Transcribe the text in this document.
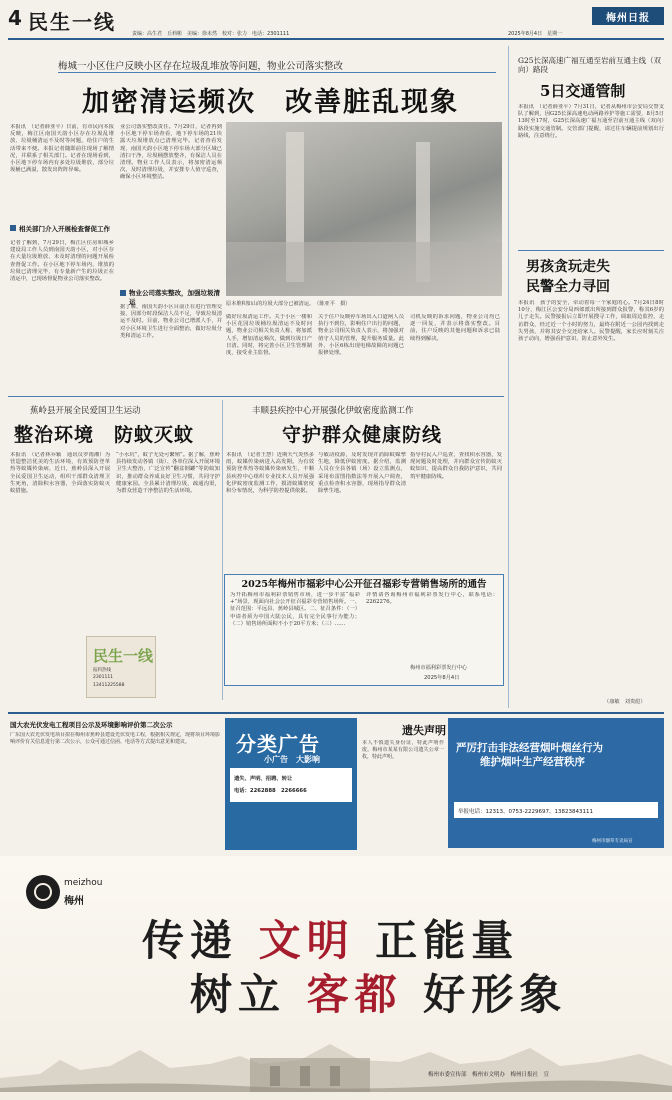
4 民生一线	责编：高生君　丘莉彬　美编：徐未然　校对：张力　电话：2301111	2025年8月4日　星期一
梅州日报
梅城一小区住户反映小区存在垃圾乱堆放等问题，物业公司落实整改
加密清运频次　改善脏乱现象
本报讯　（记者薛亚平）日前，有市民向本报反映，梅江区南国天韵小区存在垃圾乱堆放、垃圾桶清运不及时等问题，给住户的生活带来不便。本报记者随即前往现场了解情况，并联系了相关部门。记者在现场看到，小区地下停车场内有多处垃圾堆放，部分垃圾桶已满溢，散发出阵阵异味。
相关部门介入开展检查督促工作
记者了解到，7月29日，梅江区住房和城乡建设局工作人员到南国天韵小区，对小区存在大量垃圾堆放、未及时清理的问题开展检查督促工作。在小区地下停车场内，堆放的垃圾已清理完毕，有专量新产生的垃圾正在清运中，已现场督促物业公司落实整改。
业公司落实整改责任。7月29日，记者再到小区地下停车场查看，地下停车场的21块露天垃圾堆放点已清理完毕。记者查看发现，南国天韵小区地下停车场大部分区域已清扫干净，垃圾桶摆放整齐，有保洁人员在清理。物业工作人员表示，将加密清运频次，及时清理垃圾，并安排专人值守巡查，确保小区环境整洁。
物业公司落实整改，加强垃圾清运
据了解，南国天韵小区目前正在进行管理交接，因部分时段保洁人员不足，导致垃圾清运不及时。目前，物业公司已增派人手，并对小区环境卫生进行全面整治，做好垃圾分类和清运工作。
原本堆积如山的垃圾大部分已被清运。　（陈亚平　摄）
做好垃圾清运工作。关于小区一楼和小区花园垃圾桶垃圾清运不及时问题，物业公司相关负责人称，将加派人手，增加清运频次，做到垃圾日产日清。同时，将完善小区卫生管理制度，接受业主监督。
关于住户反映停车场出入口道闸人员执行不到位，影响住户出行的问题，物业公司相关负责人表示，将加强对值守人员的管理，提升服务质量。此外，小区6栋出现电梯故障的问题已报修处理。
司机反映的诉求问题，物业公司均已逐一回复，并表示将落实整改。目前，住户反映的其他问题和诉求已陆续得到解决。
G25长深高速广福互通至岩前互通主线（双向）路段
5日交通管制
本报讯　（记者薛亚平）7月31日，记者从梅州市公安局交警支队了解到，因G25长深高速电动两路养护等施工需要，8月5日13时至17时，G25长深高速广福互通至岩前互通主线（双向）路段实施交通管制。交管部门提醒，请过往车辆提前规划出行路线，注意绕行。
男孩贪玩走失
民警全力寻回
本报讯　孩子的安全，牵动着每一个家庭的心。7月24日8时10分，梅江区公安分局西郊派出所接到群众报警，称其6岁的儿子走失。民警接报后立即开展搜寻工作，调取周边监控，走访群众，经过近一个小时的努力，最终在附近一公园内找到走失男孩，并将其安全交还给家人。民警提醒，家长应时刻关注孩子动向，增强看护意识，防止意外发生。
（康敏　刘贵彪）
蕉岭县开展全民爱国卫生运动
整治环境　防蚊灭蚊
本报讯　（记者林乔颖　通讯员罗雨湘）为营造整洁优美的生活环境，有效预防登革热等蚊媒传染病，近日，蕉岭县深入开展全民爱国卫生运动，组织干部群众清理卫生死角，清除积水容器，全面落实防蚊灭蚊措施。
“小水坑”，蚊子无处可繁殖”。据了解，蕉岭县持续发动各镇（街）、各单位深入开展环境卫生大整治，广泛宣传“翻盆倒罐”等防蚊知识，推动群众养成良好卫生习惯，共同守护健康家园。全县累计清理垃圾，疏通沟渠，为群众营造干净整洁的生活环境。
民生一线
报料热线
2301111
13411225588
丰顺县疾控中心开展强化伊蚊密度监测工作
守护群众健康防线
本报讯　（记者王慧）近期天气炎热多雨，蚊媒传染病进入高发期。为有效预防登革热等蚊媒传染病发生，丰顺县疾控中心组织专业技术人员开展强化伊蚊密度监测工作，摸清蚊媒密度和分布情况，为科学防控提供依据。
与敏动疫源，及时发现并消除蚊媒孳生地，降低伊蚊密度。据介绍，监测人员在全县各镇（场）设立监测点，采用布雷图指数法等开展入户调查，重点检查积水容器，现场指导群众清除孳生地。
指导村民入户巡查，查找积水容器，发现问题及时处理，并向群众宣传防蚊灭蚊知识，提高群众自我防护意识，共同筑牢健康防线。
2025年梅州市福彩中心公开征召福彩专营销售场所的通告
为开拓梅州市福利彩票销售市场，进一步丰富“福彩+”场景，现面向社会公开征召福彩专营销售场所。一、征召范围：平远县、蕉岭县城区。二、征召条件：（一）申请者须为中国大陆公民，具有完全民事行为能力；（二）销售场所面积不小于20平方米；（三）……
详情请咨询梅州市福利彩票发行中心，联系电话：2262276。
梅州市福利彩票发行中心
2025年8月4日
国大农光伏发电工程项目公示及环境影响评价第二次公示
广东国大农光伏发电项目拟在梅州市蕉岭县建设光伏发电工程，根据相关规定，现将项目环境影响评价有关信息进行第二次公示，公众可通过信函、电话等方式提出意见和建议。	分类广告
小广告　大影响
遗失、声明、招聘、转让
电话：2262888　2266666
遗失声明
本人不慎遗失身份证，特此声明作废。梅州市某某有限公司遗失公章一枚，特此声明。
严厉打击非法经营烟叶烟丝行为
维护烟叶生产经营秩序
举报电话：12313、0753-2229697、13823843111
梅州市烟草专卖局宣
meizhou
梅州
传递 文明 正能量
树立 客都 好形象
梅州市委宣传部　梅州市文明办　梅州日报社　宣
